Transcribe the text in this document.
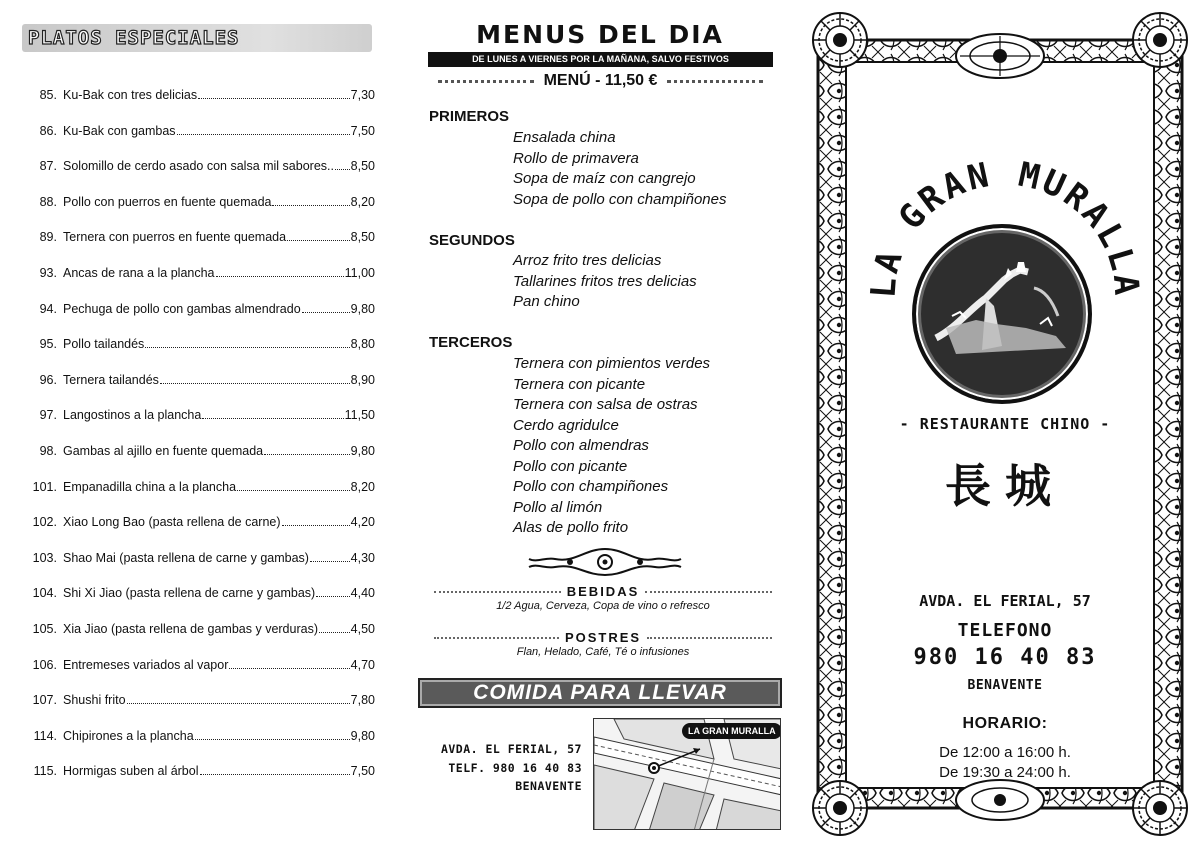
PLATOS ESPECIALES
85. Ku-Bak con tres delicias	7,30
86. Ku-Bak con gambas	7,50
87. Solomillo de cerdo asado con salsa mil sabores.. 8,50
88. Pollo con puerros en fuente quemada	8,20
89. Ternera con puerros en fuente quemada	8,50
93. Ancas de rana a la plancha	11,00
94. Pechuga de pollo con gambas almendrado	9,80
95. Pollo tailandés	8,80
96. Ternera tailandés	8,90
97. Langostinos a la plancha	11,50
98. Gambas al ajillo en fuente quemada	9,80
101. Empanadilla china a la plancha	8,20
102. Xiao Long Bao (pasta rellena de carne)	4,20
103. Shao Mai (pasta rellena de carne y gambas)	4,30
104. Shi Xi Jiao (pasta rellena de carne y gambas)	4,40
105. Xia Jiao (pasta rellena de gambas y verduras)	4,50
106. Entremeses variados al vapor	4,70
107. Shushi frito	7,80
114. Chipirones a la plancha	9,80
115. Hormigas suben al árbol	7,50
MENUS DEL DIA
DE LUNES A VIERNES POR LA MAÑANA, SALVO FESTIVOS
MENÚ - 11,50 €
PRIMEROS
Ensalada china
Rollo de primavera
Sopa de maíz con cangrejo
Sopa de pollo con champiñones
SEGUNDOS
Arroz frito tres delicias
Tallarines fritos tres delicias
Pan chino
TERCEROS
Ternera con pimientos verdes
Ternera con picante
Ternera con salsa de ostras
Cerdo agridulce
Pollo con almendras
Pollo con picante
Pollo con champiñones
Pollo al limón
Alas de pollo frito
BEBIDAS
1/2 Agua, Cerveza, Copa de vino o refresco
POSTRES
Flan, Helado, Café, Té o infusiones
COMIDA PARA LLEVAR
AVDA. EL FERIAL, 57
TELF. 980 16 40 83
BENAVENTE
LA GRAN MURALLA
LA GRAN MURALLA
- RESTAURANTE CHINO -
長城
AVDA. EL FERIAL, 57
TELEFONO
980 16 40 83
BENAVENTE
HORARIO:
De 12:00 a 16:00 h.
De 19:30 a 24:00 h.
